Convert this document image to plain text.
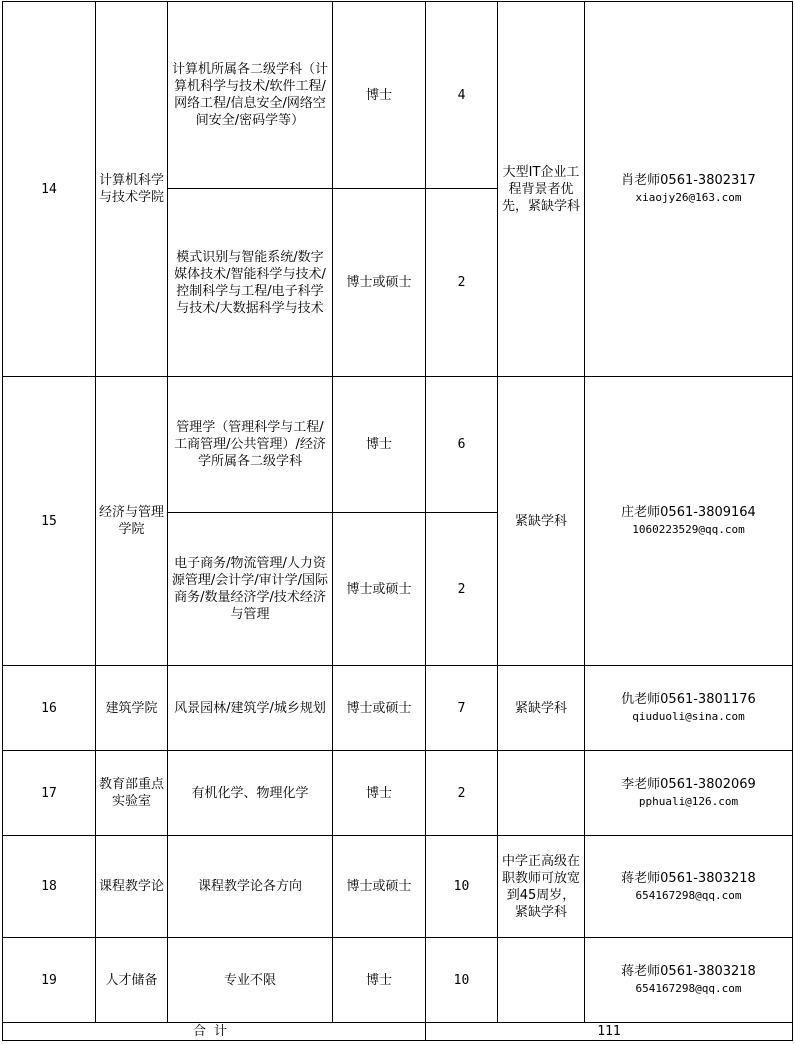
14	计算机科学与技术学院	计算机所属各二级学科（计算机科学与技术/软件工程/网络工程/信息安全/网络空间安全/密码学等）	博士	4	大型IT企业工程背景者优先，紧缺学科	肖老师0561-3802317
xiaojy26@163.com

		模式识别与智能系统/数字媒体技术/智能科学与技术/控制科学与工程/电子科学与技术/大数据科学与技术	博士或硕士	2		
15	经济与管理学院	管理学（管理科学与工程/工商管理/公共管理）/经济学所属各二级学科	博士	6	紧缺学科	庄老师0561-3809164
1060223529@qq.com

		电子商务/物流管理/人力资源管理/会计学/审计学/国际商务/数量经济学/技术经济与管理	博士或硕士	2		
16	建筑学院	风景园林/建筑学/城乡规划	博士或硕士	7	紧缺学科	仇老师0561-3801176
qiuduoli@sina.com

17	教育部重点实验室	有机化学、物理化学	博士	2		李老师0561-3802069
pphuali@126.com

18	课程教学论	课程教学论各方向	博士或硕士	10	中学正高级在职教师可放宽到45周岁，紧缺学科	蒋老师0561-3803218
654167298@qq.com

19	人才储备	专业不限	博士	10		蒋老师0561-3803218
654167298@qq.com

合计				111		
